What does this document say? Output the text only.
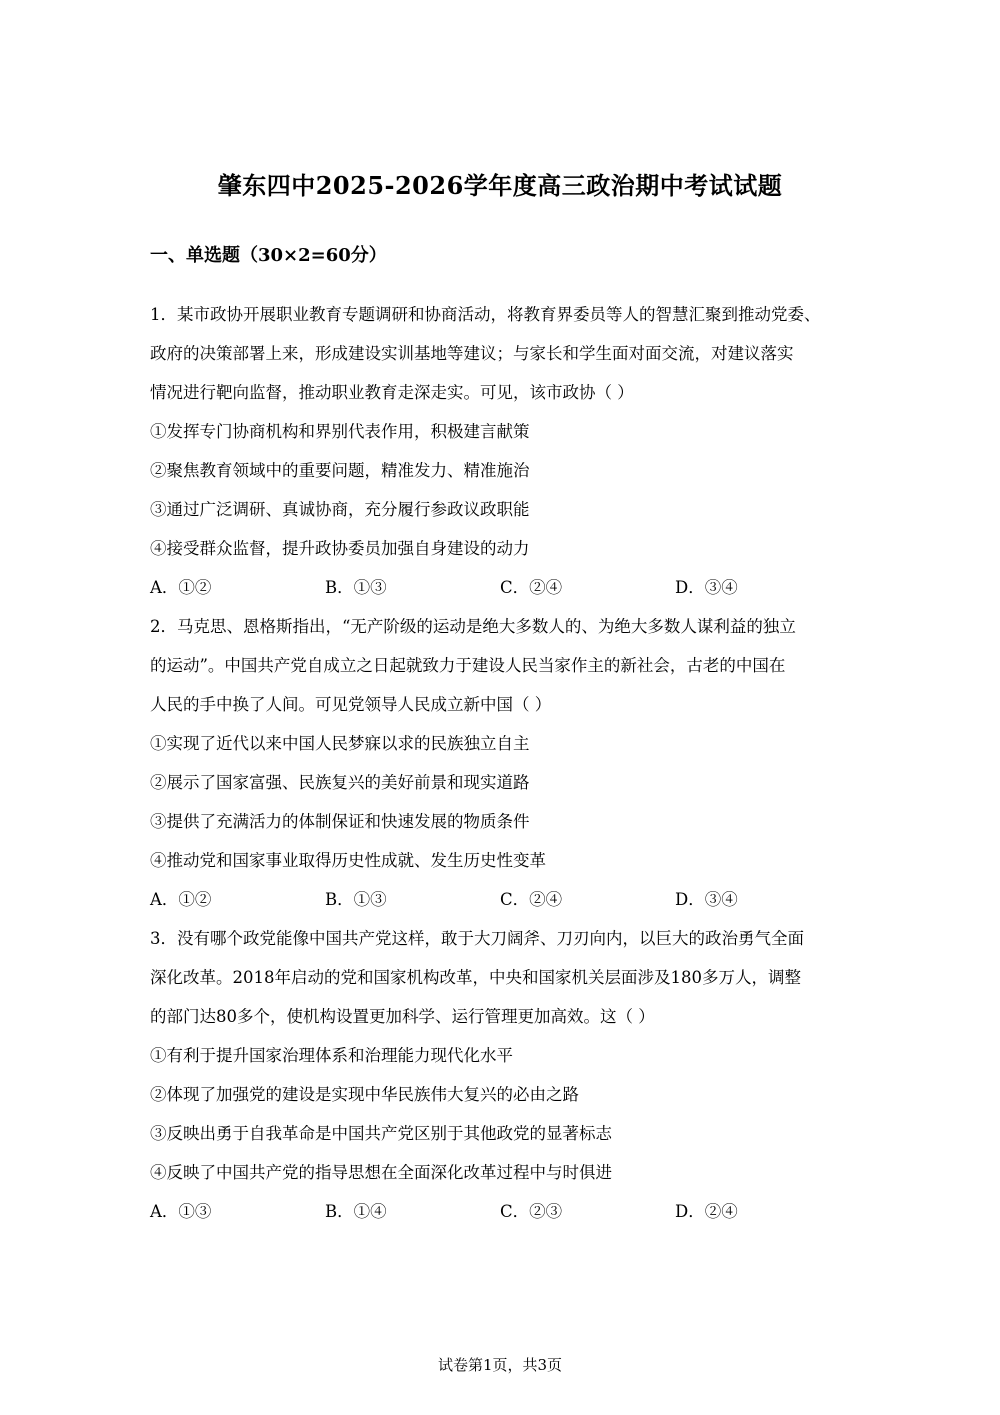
肇东四中2025-2026学年度高三政治期中考试试题
一、单选题（30×2=60分）
1．某市政协开展职业教育专题调研和协商活动，将教育界委员等人的智慧汇聚到推动党委、
政府的决策部署上来，形成建设实训基地等建议；与家长和学生面对面交流，对建议落实
情况进行靶向监督，推动职业教育走深走实。可见，该市政协（ ）
①发挥专门协商机构和界别代表作用，积极建言献策
②聚焦教育领域中的重要问题，精准发力、精准施治
③通过广泛调研、真诚协商，充分履行参政议政职能
④接受群众监督，提升政协委员加强自身建设的动力
A．①②	B．①③	C．②④	D．③④
2．马克思、恩格斯指出，“无产阶级的运动是绝大多数人的、为绝大多数人谋利益的独立
的运动”。中国共产党自成立之日起就致力于建设人民当家作主的新社会，古老的中国在
人民的手中换了人间。可见党领导人民成立新中国（ ）
①实现了近代以来中国人民梦寐以求的民族独立自主
②展示了国家富强、民族复兴的美好前景和现实道路
③提供了充满活力的体制保证和快速发展的物质条件
④推动党和国家事业取得历史性成就、发生历史性变革
A．①②	B．①③	C．②④	D．③④
3．没有哪个政党能像中国共产党这样，敢于大刀阔斧、刀刃向内，以巨大的政治勇气全面
深化改革。2018年启动的党和国家机构改革，中央和国家机关层面涉及180多万人，调整
的部门达80多个，使机构设置更加科学、运行管理更加高效。这（ ）
①有利于提升国家治理体系和治理能力现代化水平
②体现了加强党的建设是实现中华民族伟大复兴的必由之路
③反映出勇于自我革命是中国共产党区别于其他政党的显著标志
④反映了中国共产党的指导思想在全面深化改革过程中与时俱进
A．①③	B．①④	C．②③	D．②④
试卷第1页，共3页
